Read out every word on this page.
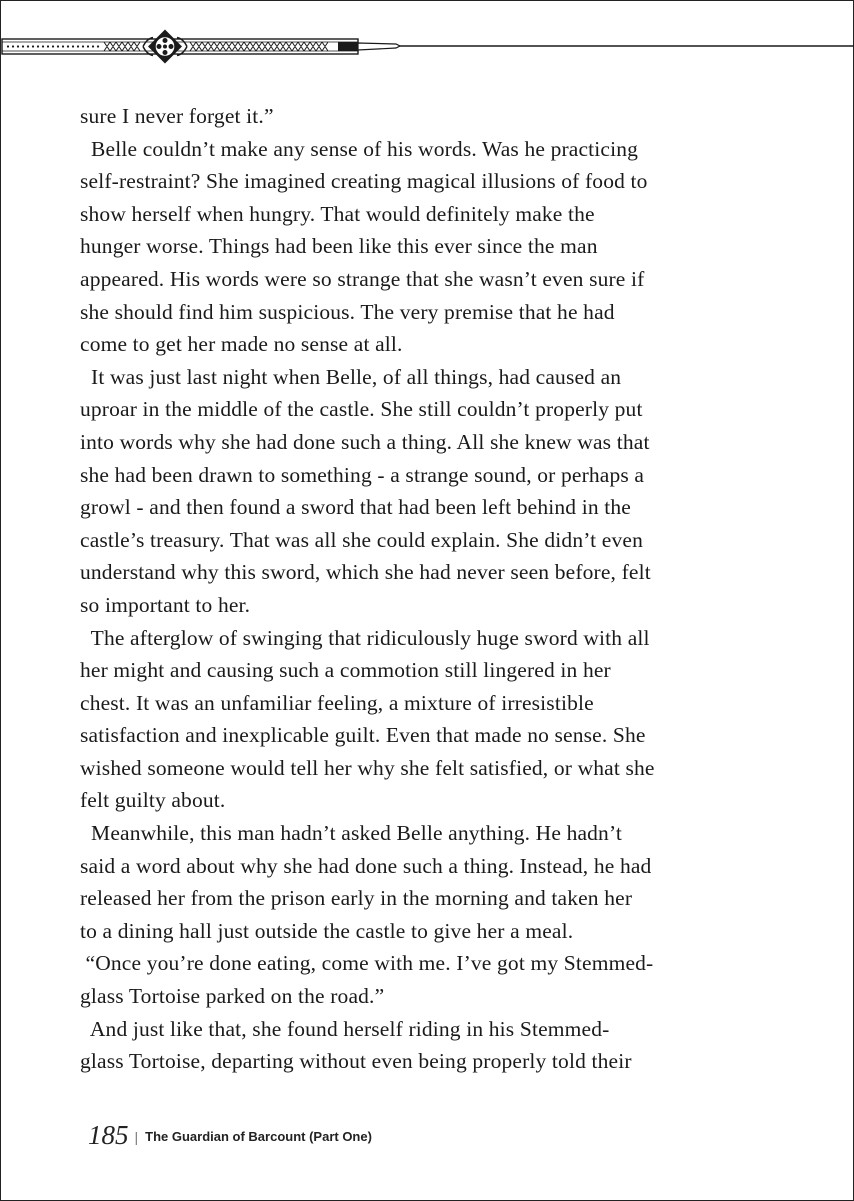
sure I never forget it.”
Belle couldn’t make any sense of his words. Was he practicing
self-restraint? She imagined creating magical illusions of food to
show herself when hungry. That would definitely make the
hunger worse. Things had been like this ever since the man
appeared. His words were so strange that she wasn’t even sure if
she should find him suspicious. The very premise that he had
come to get her made no sense at all.
It was just last night when Belle, of all things, had caused an
uproar in the middle of the castle. She still couldn’t properly put
into words why she had done such a thing. All she knew was that
she had been drawn to something - a strange sound, or perhaps a
growl - and then found a sword that had been left behind in the
castle’s treasury. That was all she could explain. She didn’t even
understand why this sword, which she had never seen before, felt
so important to her.
The afterglow of swinging that ridiculously huge sword with all
her might and causing such a commotion still lingered in her
chest. It was an unfamiliar feeling, a mixture of irresistible
satisfaction and inexplicable guilt. Even that made no sense. She
wished someone would tell her why she felt satisfied, or what she
felt guilty about.
Meanwhile, this man hadn’t asked Belle anything. He hadn’t
said a word about why she had done such a thing. Instead, he had
released her from the prison early in the morning and taken her
to a dining hall just outside the castle to give her a meal.
“Once you’re done eating, come with me. I’ve got my Stemmed-
glass Tortoise parked on the road.”
And just like that, she found herself riding in his Stemmed-
glass Tortoise, departing without even being properly told their
185 | The Guardian of Barcount (Part One)
